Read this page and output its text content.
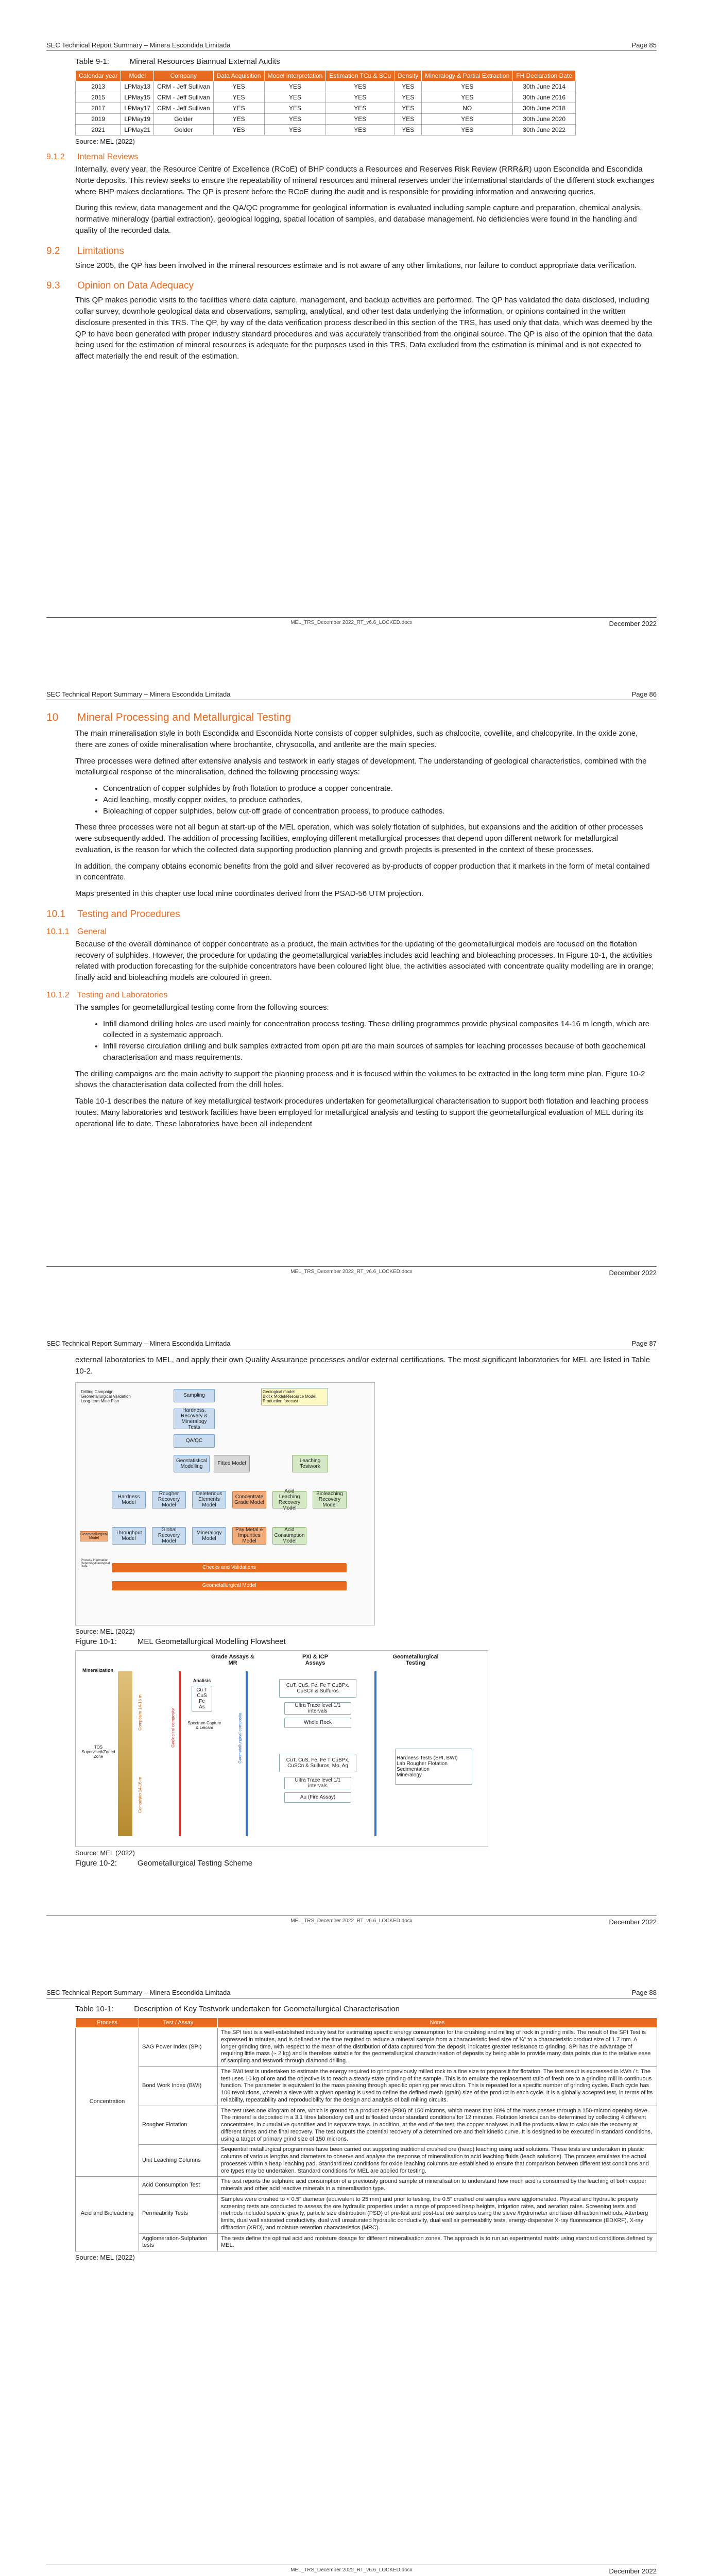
SEC Technical Report Summary – Minera Escondida Limitada	Page 85
Table 9-1:	Mineral Resources Biannual External Audits
Calendar year	Model	Company	Data Acquisition	Model Interpretation	Estimation TCu & SCu	Density	Mineralogy & Partial Extraction	FH Declaration Date
2013	LPMay13	CRM - Jeff Sullivan	YES	YES	YES	YES	YES	30th June 2014
2015	LPMay15	CRM - Jeff Sullivan	YES	YES	YES	YES	YES	30th June 2016
2017	LPMay17	CRM - Jeff Sullivan	YES	YES	YES	YES	NO	30th June 2018
2019	LPMay19	Golder	YES	YES	YES	YES	YES	30th June 2020
2021	LPMay21	Golder	YES	YES	YES	YES	YES	30th June 2022
Source: MEL (2022)
9.1.2	Internal Reviews

Internally, every year, the Resource Centre of Excellence (RCoE) of BHP conducts a Resources and Reserves Risk Review (RRR&R) upon Escondida and Escondida Norte deposits. This review seeks to ensure the repeatability of mineral resources and mineral reserves under the international standards of the different stock exchanges where BHP makes declarations. The QP is present before the RCoE during the audit and is responsible for providing information and answering queries.

During this review, data management and the QA/QC programme for geological information is evaluated including sample capture and preparation, chemical analysis, normative mineralogy (partial extraction), geological logging, spatial location of samples, and database management. No deficiencies were found in the handling and quality of the recorded data.

9.2	Limitations

Since 2005, the QP has been involved in the mineral resources estimate and is not aware of any other limitations, nor failure to conduct appropriate data verification.

9.3	Opinion on Data Adequacy

This QP makes periodic visits to the facilities where data capture, management, and backup activities are performed. The QP has validated the data disclosed, including collar survey, downhole geological data and observations, sampling, analytical, and other test data underlying the information, or opinions contained in the written disclosure presented in this TRS. The QP, by way of the data verification process described in this section of the TRS, has used only that data, which was deemed by the QP to have been generated with proper industry standard procedures and was accurately transcribed from the original source. The QP is also of the opinion that the data being used for the estimation of mineral resources is adequate for the purposes used in this TRS. Data excluded from the estimation is minimal and is not expected to affect materially the end result of the estimation.

MEL_TRS_December 2022_RT_v6.6_LOCKED.docx	December 2022
SEC Technical Report Summary – Minera Escondida Limitada	Page 86
10	Mineral Processing and Metallurgical Testing

The main mineralisation style in both Escondida and Escondida Norte consists of copper sulphides, such as chalcocite, covellite, and chalcopyrite. In the oxide zone, there are zones of oxide mineralisation where brochantite, chrysocolla, and antlerite are the main species.

Three processes were defined after extensive analysis and testwork in early stages of development. The understanding of geological characteristics, combined with the metallurgical response of the mineralisation, defined the following processing ways:

• Concentration of copper sulphides by froth flotation to produce a copper concentrate.
• Acid leaching, mostly copper oxides, to produce cathodes,
• Bioleaching of copper sulphides, below cut-off grade of concentration process, to produce cathodes.

These three processes were not all begun at start-up of the MEL operation, which was solely flotation of sulphides, but expansions and the addition of other processes were subsequently added. The addition of processing facilities, employing different metallurgical processes that depend upon different network for metallurgical evaluation, is the reason for which the collected data supporting production planning and growth projects is presented in the context of these processes.

In addition, the company obtains economic benefits from the gold and silver recovered as by-products of copper production that it markets in the form of metal contained in concentrate.

Maps presented in this chapter use local mine coordinates derived from the PSAD-56 UTM projection.

10.1	Testing and Procedures
10.1.1 General

Because of the overall dominance of copper concentrate as a product, the main activities for the updating of the geometallurgical models are focused on the flotation recovery of sulphides. However, the procedure for updating the geometallurgical variables includes acid leaching and bioleaching processes. In Figure 10-1, the activities related with production forecasting for the sulphide concentrators have been coloured light blue, the activities associated with concentrate quality modelling are in orange; finally acid and bioleaching models are coloured in green.

10.1.2 Testing and Laboratories

The samples for geometallurgical testing come from the following sources:

• Infill diamond drilling holes are used mainly for concentration process testing. These drilling programmes provide physical composites 14-16 m length, which are collected in a systematic approach.
• Infill reverse circulation drilling and bulk samples extracted from open pit are the main sources of samples for leaching processes because of both geochemical characterisation and mass requirements.

The drilling campaigns are the main activity to support the planning process and it is focused within the volumes to be extracted in the long term mine plan. Figure 10-2 shows the characterisation data collected from the drill holes.

Table 10-1 describes the nature of key metallurgical testwork procedures undertaken for geometallurgical characterisation to support both flotation and leaching process routes. Many laboratories and testwork facilities have been employed for metallurgical analysis and testing to support the geometallurgical evaluation of MEL during its operational life to date. These laboratories have been all independent

MEL_TRS_December 2022_RT_v6.6_LOCKED.docx	December 2022
SEC Technical Report Summary – Minera Escondida Limitada	Page 87

external laboratories to MEL, and apply their own Quality Assurance processes and/or external certifications. The most significant laboratories for MEL are listed in Table 10-2.

Drilling Campaign
Geometallurgical Validation
Long-term Mine Plan
Geological model
Block Model/Resource Model
Production forecast
Sampling
Hardness, Recovery & Mineralogy Tests
QA/QC
Geostatistical Modelling	Fitted Model	Leaching Testwork
Hardness Model
Rougher Recovery Model
Deleterious Elements Model
Concentrate Grade Model
Acid Leaching Recovery Model
Bioleaching Recovery Model
Throughput Model
Global Recovery Model
Mineralogy Model
Pay Metal & Impurities Model
Acid Consumption Model
Geometallurgical Model
Checks and Validations
Geometallurgical Model
Process Information
Reporting/Geological Data
Source: MEL (2022)
Figure 10-1:	MEL Geometallurgical Modelling Flowsheet
Mineralization
TOS Supervised/Zoned Zone
Grade Assays & MR
PXI & ICP Assays
Geometallurgical Testing
Analisis
Cu T
CuS
Fe
As
Spectrum Capture & Leicam
CuT, CuS, Fe, Fe T CuBPx, CuSCn & Sulfuros
Ultra Trace level 1/1 intervals
Whole Rock
CuT, CuS, Fe, Fe T CuBPx, CuSCn & Sulfuros, Mo, Ag
Ultra Trace level 1/1 intervals
Au (Fire Assay)
Hardness Tests (SPI, BWI)
Lab Rougher Flotation
Sedimentation
Mineralogy
Compósito 14-16 m
Compósito 14-16 m
Geological composite	Geometallurgical composite
Source: MEL (2022)
Figure 10-2:	Geometallurgical Testing Scheme
MEL_TRS_December 2022_RT_v6.6_LOCKED.docx	December 2022
SEC Technical Report Summary – Minera Escondida Limitada	Page 88
Table 10-1:	Description of Key Testwork undertaken for Geometallurgical Characterisation
Process	Test / Assay	Notes
Concentration	SAG Power Index (SPI)	The SPI test is a well-established industry test for estimating specific energy consumption for the crushing and milling of rock in grinding mills. The result of the SPI Test is expressed in minutes, and is defined as the time required to reduce a mineral sample from a characteristic feed size of ¾" to a characteristic product size of 1.7 mm. A longer grinding time, with respect to the mean of the distribution of data captured from the deposit, indicates greater resistance to grinding. SPI has the advantage of requiring little mass (~ 2 kg) and is therefore suitable for the geometallurgical characterisation of deposits by being able to provide many data points due to the relative ease of sampling and testwork through diamond drilling.
	Bond Work Index (BWI)	The BWI test is undertaken to estimate the energy required to grind previously milled rock to a fine size to prepare it for flotation. The test result is expressed in kWh / t. The test uses 10 kg of ore and the objective is to reach a steady state grinding of the sample. This is to emulate the replacement ratio of fresh ore to a grinding mill in continuous function. The parameter is equivalent to the mass passing through specific opening per revolution. This is repeated for a specific number of grinding cycles. Each cycle has 100 revolutions, wherein a sieve with a given opening is used to define the defined mesh (grain) size of the product in each cycle. It is a globally accepted test, in terms of its reliability, repeatability and reproducibility for the design and analysis of ball milling circuits.
	Rougher Flotation	The test uses one kilogram of ore, which is ground to a product size (P80) of 150 microns, which means that 80% of the mass passes through a 150-micron opening sieve. The mineral is deposited in a 3.1 litres laboratory cell and is floated under standard conditions for 12 minutes. Flotation kinetics can be determined by collecting 4 different concentrates, in cumulative quantities and in separate trays. In addition, at the end of the test, the copper analyses in all the products allow to calculate the recovery at different times and the final recovery. The test outputs the potential recovery of a determined ore and their kinetic curve. It is designed to be executed in standard conditions, using a target of primary grind size of 150 microns.
	Unit Leaching Columns	Sequential metallurgical programmes have been carried out supporting traditional crushed ore (heap) leaching using acid solutions. These tests are undertaken in plastic columns of various lengths and diameters to observe and analyse the response of mineralisation to acid leaching fluids (leach solutions). The process emulates the actual processes within a heap leaching pad. Standard test conditions for oxide leaching columns are established to ensure that comparison between different test conditions and ore types may be undertaken. Standard conditions for MEL are applied for testing.
Acid and Bioleaching	Acid Consumption Test	The test reports the sulphuric acid consumption of a previously ground sample of mineralisation to understand how much acid is consumed by the leaching of both copper minerals and other acid reactive minerals in a mineralisation type.
	Permeability Tests	Samples were crushed to < 0.5" diameter (equivalent to 25 mm) and prior to testing, the 0.5" crushed ore samples were agglomerated. Physical and hydraulic property screening tests are conducted to assess the ore hydraulic properties under a range of proposed heap heights, irrigation rates, and aeration rates. Screening tests and methods included specific gravity, particle size distribution (PSD) of pre-test and post-test ore samples using the sieve /hydrometer and laser diffraction methods, Atterberg limits, dual wall saturated conductivity, dual wall unsaturated hydraulic conductivity, dual wall air permeability tests, energy-dispersive X-ray fluorescence (EDXRF), X-ray diffraction (XRD), and moisture retention characteristics (MRC).
	Agglomeration-Sulphation tests	The tests define the optimal acid and moisture dosage for different mineralisation zones. The approach is to run an experimental matrix using standard conditions defined by MEL.
Source: MEL (2022)
MEL_TRS_December 2022_RT_v6.6_LOCKED.docx	December 2022
